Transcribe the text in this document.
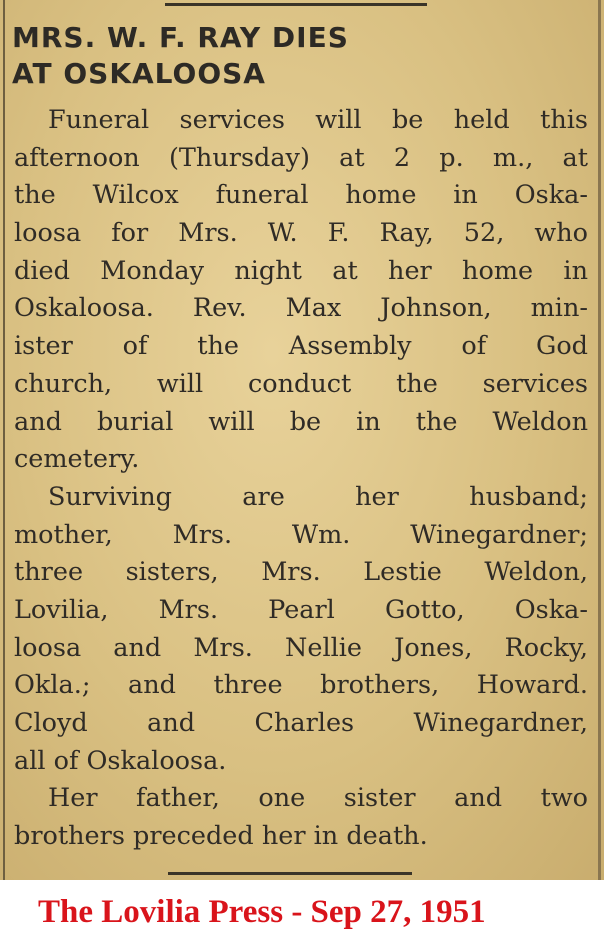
MRS. W. F. RAY DIES
AT OSKALOOSA
Funeral services will be held this
afternoon (Thursday) at 2 p. m., at
the Wilcox funeral home in Oska-
loosa for Mrs. W. F. Ray, 52, who
died Monday night at her home in
Oskaloosa. Rev. Max Johnson, min-
ister of the Assembly of God
church, will conduct the services
and burial will be in the Weldon
cemetery.
Surviving are her husband;
mother, Mrs. Wm. Winegardner;
three sisters, Mrs. Lestie Weldon,
Lovilia, Mrs. Pearl Gotto, Oska-
loosa and Mrs. Nellie Jones, Rocky,
Okla.; and three brothers, Howard.
Cloyd and Charles Winegardner,
all of Oskaloosa.
Her father, one sister and two
brothers preceded her in death.

The Lovilia Press - Sep 27, 1951
